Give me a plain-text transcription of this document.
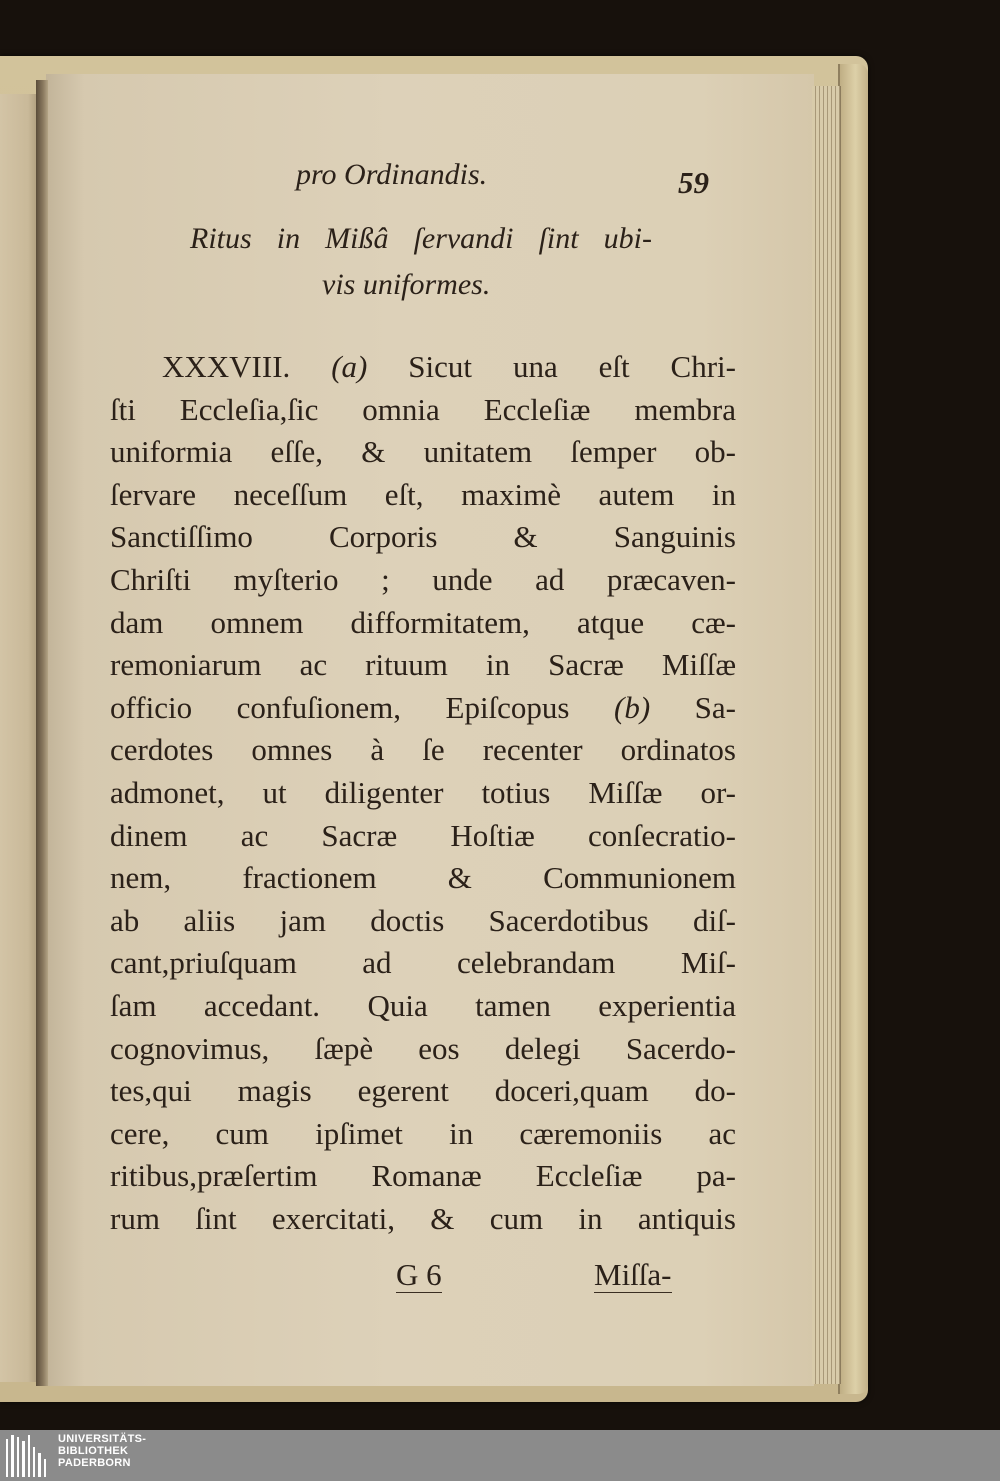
pro Ordinandis.	59
Ritus in Mißâ ſervandi ſint ubi-
vis uniformes.
XXXVIII. (a) Sicut una eſt Chri-
ſti Eccleſia,ſic omnia Eccleſiæ membra
uniformia eſſe, & unitatem ſemper ob-
ſervare neceſſum eſt, maximè autem in
Sanctiſſimo Corporis & Sanguinis
Chriſti myſterio ; unde ad præcaven-
dam omnem difformitatem, atque cæ-
remoniarum ac rituum in Sacræ Miſſæ
officio confuſionem, Epiſcopus (b) Sa-
cerdotes omnes à ſe recenter ordinatos
admonet, ut diligenter totius Miſſæ or-
dinem ac Sacræ Hoſtiæ conſecratio-
nem, fractionem & Communionem
ab aliis jam doctis Sacerdotibus diſ-
cant,priuſquam ad celebrandam Miſ-
ſam accedant. Quia tamen experientia
cognovimus, ſæpè eos delegi Sacerdo-
tes,qui magis egerent doceri,quam do-
cere, cum ipſimet in cæremoniis ac
ritibus,præſertim Romanæ Eccleſiæ pa-
rum ſint exercitati, & cum in antiquis
G 6	Miſſa-
UNIVERSITÄTS-
BIBLIOTHEK
PADERBORN
